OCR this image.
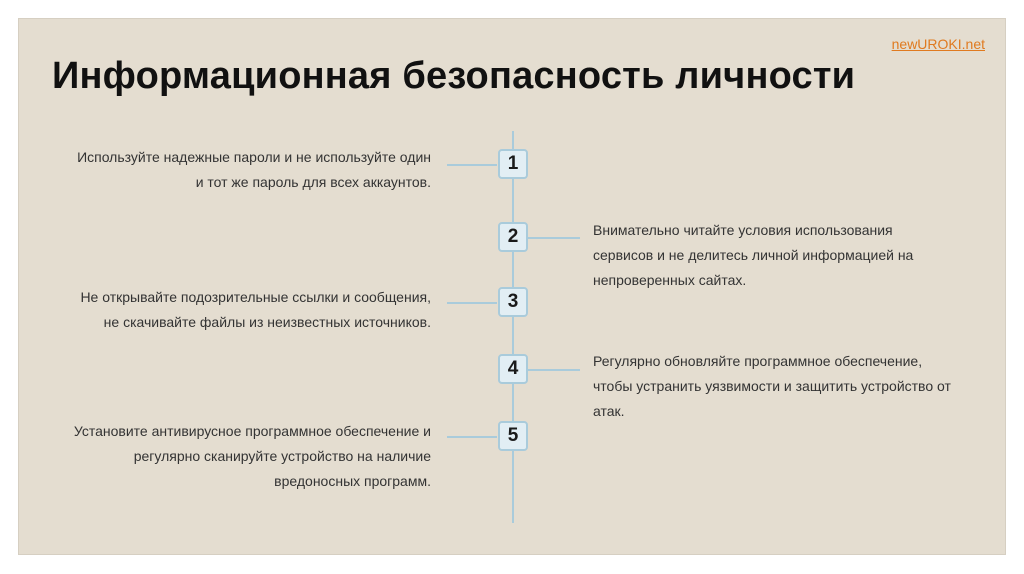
newUROKI.net
Информационная безопасность личности
1
Используйте надежные пароли и не используйте один
и тот же пароль для всех аккаунтов.
2	Внимательно читайте условия использования
сервисов и не делитесь личной информацией на
непроверенных сайтах.
3
Не открывайте подозрительные ссылки и сообщения,
не скачивайте файлы из неизвестных источников.
4	Регулярно обновляйте программное обеспечение,
чтобы устранить уязвимости и защитить устройство от
атак.
5
Установите антивирусное программное обеспечение и
регулярно сканируйте устройство на наличие
вредоносных программ.
